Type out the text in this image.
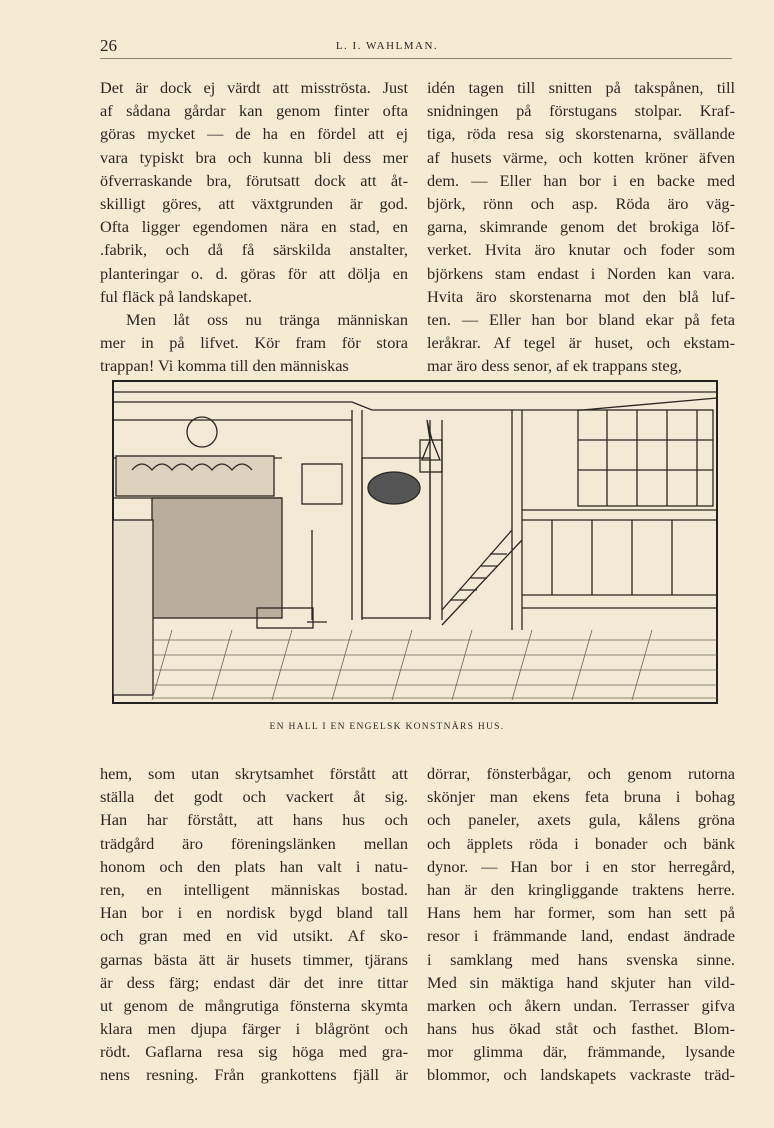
26	L. I. WAHLMAN.
Det är dock ej värdt att misströsta. Just
af sådana gårdar kan genom finter ofta
göras mycket — de ha en fördel att ej
vara typiskt bra och kunna bli dess mer
öfverraskande bra, förutsatt dock att åt-
skilligt göres, att växtgrunden är god.
Ofta ligger egendomen nära en stad, en
.fabrik, och då få särskilda anstalter,
planteringar o. d. göras för att dölja en
ful fläck på landskapet.
Men låt oss nu tränga människan
mer in på lifvet. Kör fram för stora
trappan! Vi komma till den människas
idén tagen till snitten på takspånen, till
snidningen på förstugans stolpar. Kraf-
tiga, röda resa sig skorstenarna, svällande
af husets värme, och kotten kröner äfven
dem. — Eller han bor i en backe med
björk, rönn och asp. Röda äro väg-
garna, skimrande genom det brokiga löf-
verket. Hvita äro knutar och foder som
björkens stam endast i Norden kan vara.
Hvita äro skorstenarna mot den blå luf-
ten. — Eller han bor bland ekar på feta
leråkrar. Af tegel är huset, och ekstam-
mar äro dess senor, af ek trappans steg,
EN HALL I EN ENGELSK KONSTNÄRS HUS.
hem, som utan skrytsamhet förstått att
ställa det godt och vackert åt sig.
Han har förstått, att hans hus och
trädgård äro föreningslänken mellan
honom och den plats han valt i natu-
ren, en intelligent människas bostad.
Han bor i en nordisk bygd bland tall
och gran med en vid utsikt. Af sko-
garnas bästa ätt är husets timmer, tjärans
är dess färg; endast där det inre tittar
ut genom de mångrutiga fönsterna skymta
klara men djupa färger i blågrönt och
rödt. Gaflarna resa sig höga med gra-
nens resning. Från grankottens fjäll är
dörrar, fönsterbågar, och genom rutorna
skönjer man ekens feta bruna i bohag
och paneler, axets gula, kålens gröna
och äpplets röda i bonader och bänk
dynor. — Han bor i en stor herregård,
han är den kringliggande traktens herre.
Hans hem har former, som han sett på
resor i främmande land, endast ändrade
i samklang med hans svenska sinne.
Med sin mäktiga hand skjuter han vild-
marken och åkern undan. Terrasser gifva
hans hus ökad ståt och fasthet. Blom-
mor glimma där, främmande, lysande
blommor, och landskapets vackraste träd-
